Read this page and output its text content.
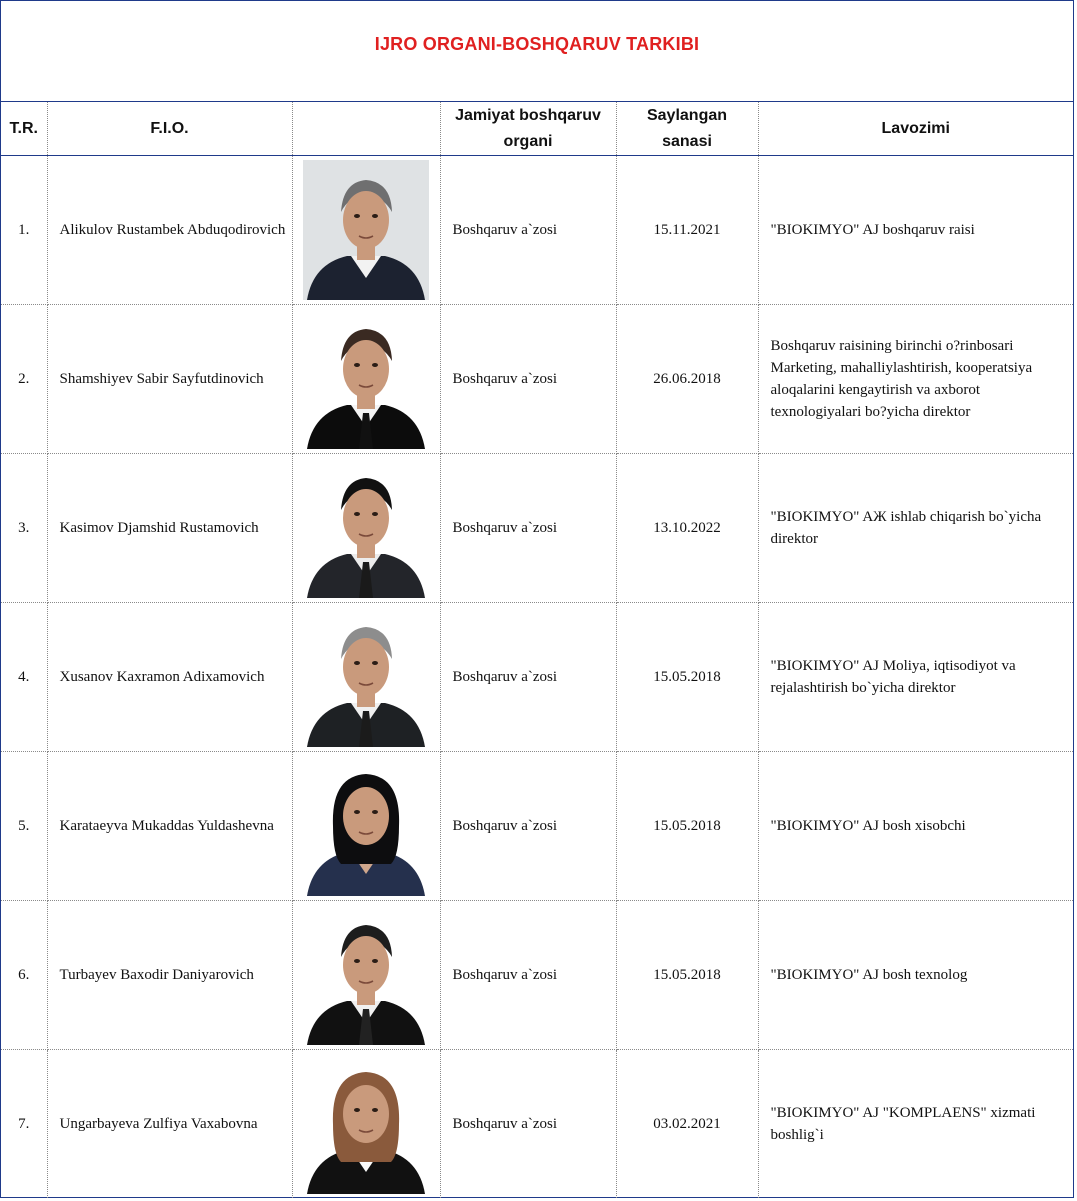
IJRO ORGANI-BOSHQARUV TARKIBI
T.R.	F.I.O.		Jamiyat boshqaruv organi	Saylangan sanasi	Lavozimi
1.	Alikulov Rustambek Abduqodirovich		Boshqaruv a`zosi	15.11.2021	"BIOKIMYO" AJ boshqaruv raisi
2.	Shamshiyev Sabir Sayfutdinovich		Boshqaruv a`zosi	26.06.2018	Boshqaruv raisining birinchi o?rinbosari Marketing, mahalliylashtirish, kooperatsiya aloqalarini kengaytirish va axborot texnologiyalari bo?yicha direktor
3.	Kasimov Djamshid Rustamovich		Boshqaruv a`zosi	13.10.2022	"BIOKIMYO" AЖ ishlab chiqarish bo`yicha direktor
4.	Xusanov Kaxramon Adixamovich		Boshqaruv a`zosi	15.05.2018	"BIOKIMYO" AJ Moliya, iqtisodiyot va rejalashtirish bo`yicha direktor
5.	Karataeyva Mukaddas Yuldashevna		Boshqaruv a`zosi	15.05.2018	"BIOKIMYO" AJ bosh xisobchi
6.	Turbayev Baxodir Daniyarovich		Boshqaruv a`zosi	15.05.2018	"BIOKIMYO" AJ bosh texnolog
7.	Ungarbayeva Zulfiya Vaxabovna		Boshqaruv a`zosi	03.02.2021	"BIOKIMYO" AJ "KOMPLAENS" xizmati boshlig`i
